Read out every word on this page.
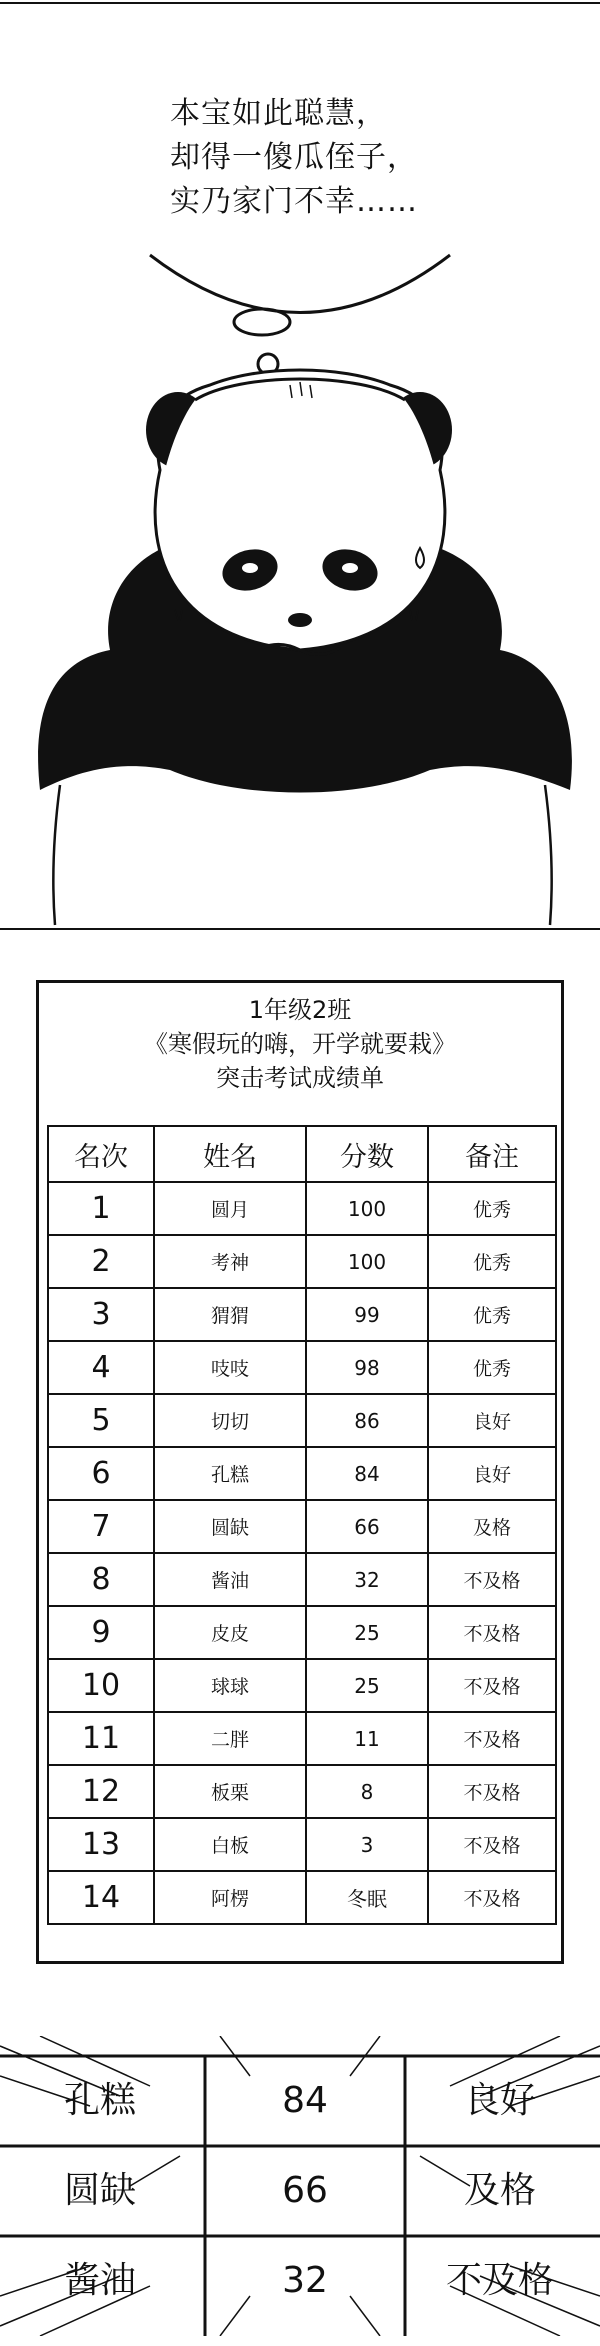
本宝如此聪慧，
却得一傻瓜侄子，
实乃家门不幸……
1年级2班
《寒假玩的嗨，开学就要栽》
突击考试成绩单
名次	姓名	分数	备注
1	圆月	100	优秀
2	考神	100	优秀
3	猬猬	99	优秀
4	吱吱	98	优秀
5	切切	86	良好
6	孔糕	84	良好
7	圆缺	66	及格
8	酱油	32	不及格
9	皮皮	25	不及格
10	球球	25	不及格
11	二胖	11	不及格
12	板栗	8	不及格
13	白板	3	不及格
14	阿楞	冬眠	不及格
孔糕	84	良好
圆缺	66	及格
酱油	32	不及格
